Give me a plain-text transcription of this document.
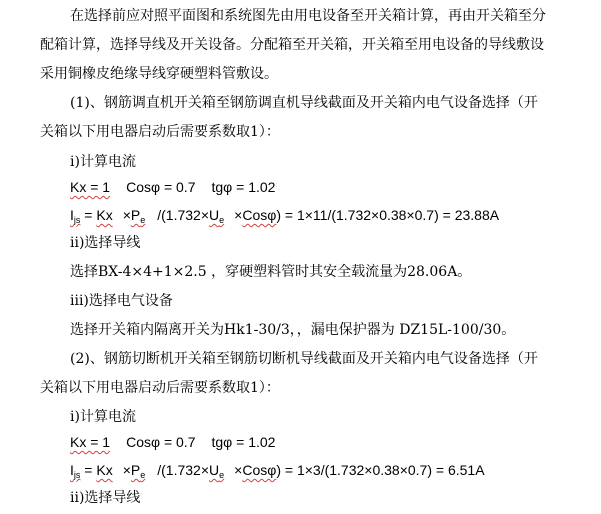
在选择前应对照平面图和系统图先由用电设备至开关箱计算，再由开关箱至分
配箱计算，选择导线及开关设备。分配箱至开关箱，开关箱至用电设备的导线敷设
采用铜橡皮绝缘导线穿硬塑料管敷设。
(1)、钢筋调直机开关箱至钢筋调直机导线截面及开关箱内电气设备选择（开
关箱以下用电器启动后需要系数取1）：
i)计算电流
Kx = 1 Cosφ = 0.7 tgφ = 1.02
$I_{js} = Kx \times P_e$ $/(1.732\times U_e \times Cos\varphi) = 1\times 11/(1.732\times 0.38\times 0.7) = 23.88A$
ii)选择导线
选择BX-4×4+1×2.5 ，穿硬塑料管时其安全载流量为28.06A。
iii)选择电气设备
选择开关箱内隔离开关为Hk1-30/3，，漏电保护器为 DZ15L-100/30。
(2)、钢筋切断机开关箱至钢筋切断机导线截面及开关箱内电气设备选择（开
关箱以下用电器启动后需要系数取1）：
i)计算电流
Kx = 1 Cosφ = 0.7 tgφ = 1.02
$I_{js} = Kx \times P_e$ $/(1.732\times U_e \times Cos\varphi) = 1\times 3/(1.732\times 0.38\times 0.7) = 6.51A$
ii)选择导线
